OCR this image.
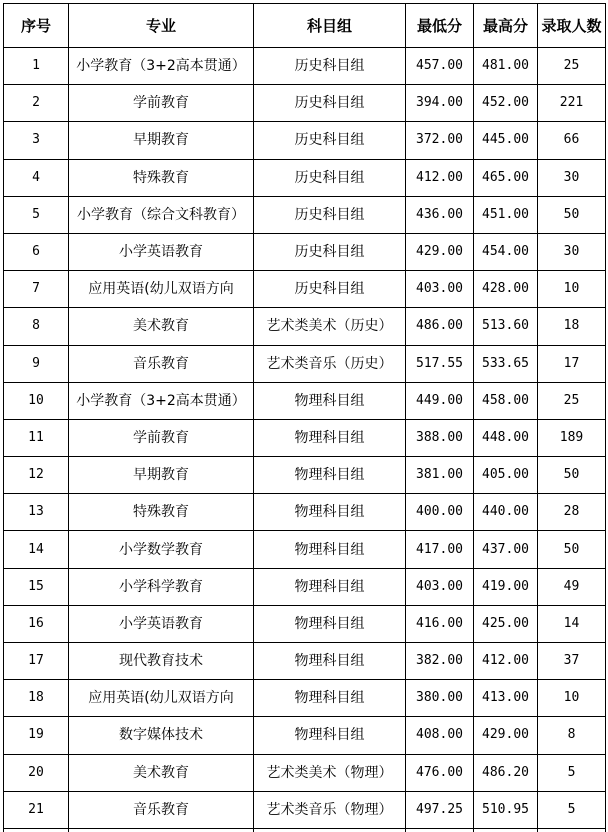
序号	专业	科目组	最低分	最高分	录取人数
1	小学教育（3+2高本贯通）	历史科目组	457.00	481.00	25
2	学前教育	历史科目组	394.00	452.00	221
3	早期教育	历史科目组	372.00	445.00	66
4	特殊教育	历史科目组	412.00	465.00	30
5	小学教育（综合文科教育）	历史科目组	436.00	451.00	50
6	小学英语教育	历史科目组	429.00	454.00	30
7	应用英语(幼儿双语方向	历史科目组	403.00	428.00	10
8	美术教育	艺术类美术（历史）	486.00	513.60	18
9	音乐教育	艺术类音乐（历史）	517.55	533.65	17
10	小学教育（3+2高本贯通）	物理科目组	449.00	458.00	25
11	学前教育	物理科目组	388.00	448.00	189
12	早期教育	物理科目组	381.00	405.00	50
13	特殊教育	物理科目组	400.00	440.00	28
14	小学数学教育	物理科目组	417.00	437.00	50
15	小学科学教育	物理科目组	403.00	419.00	49
16	小学英语教育	物理科目组	416.00	425.00	14
17	现代教育技术	物理科目组	382.00	412.00	37
18	应用英语(幼儿双语方向	物理科目组	380.00	413.00	10
19	数字媒体技术	物理科目组	408.00	429.00	8
20	美术教育	艺术类美术（物理）	476.00	486.20	5
21	音乐教育	艺术类音乐（物理）	497.25	510.95	5
